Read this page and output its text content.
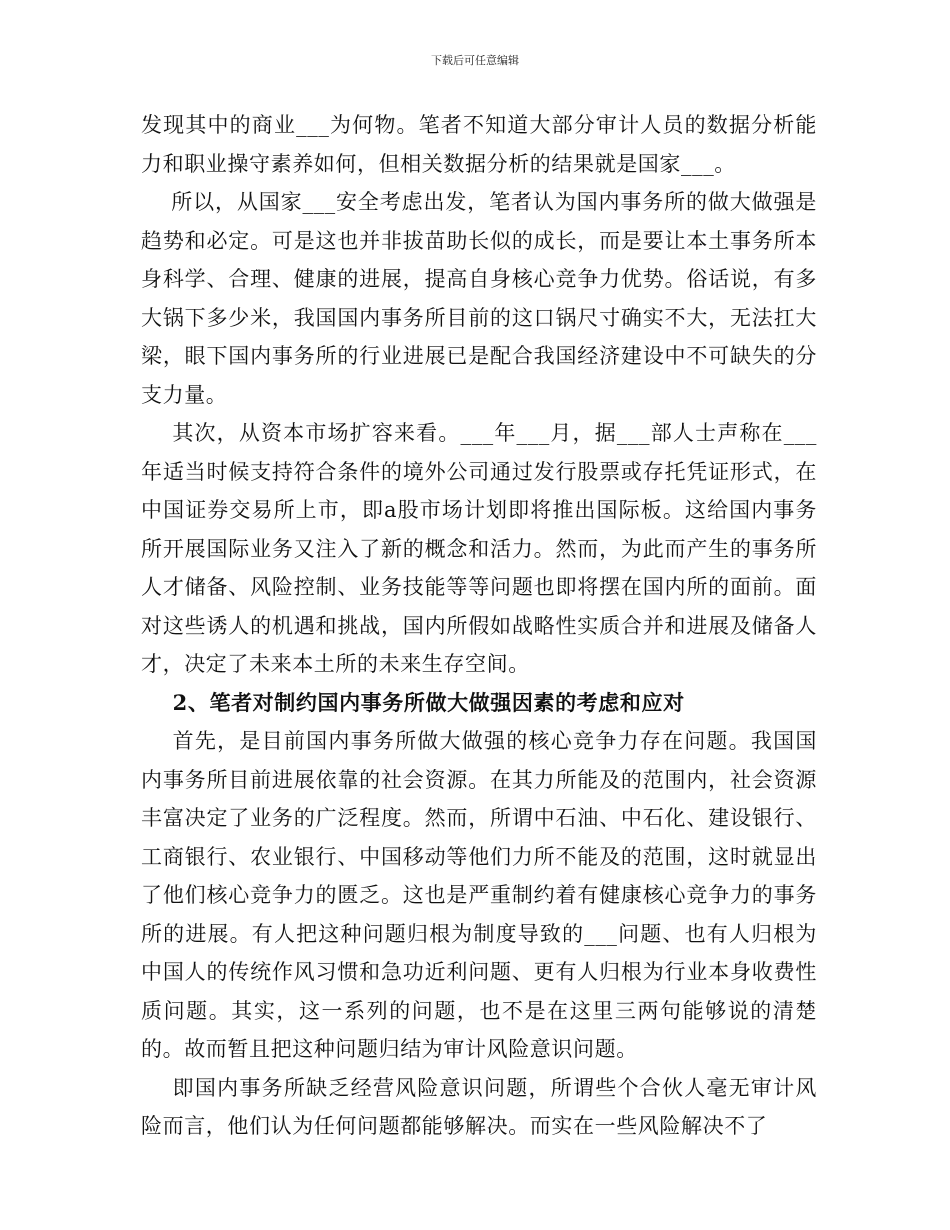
下载后可任意编辑

发现其中的商业___为何物。笔者不知道大部分审计人员的数据分析能力和职业操守素养如何，但相关数据分析的结果就是国家___。

所以，从国家___安全考虑出发，笔者认为国内事务所的做大做强是趋势和必定。可是这也并非拔苗助长似的成长，而是要让本土事务所本身科学、合理、健康的进展，提高自身核心竞争力优势。俗话说，有多大锅下多少米，我国国内事务所目前的这口锅尺寸确实不大，无法扛大梁，眼下国内事务所的行业进展已是配合我国经济建设中不可缺失的分支力量。

其次，从资本市场扩容来看。___年___月，据___部人士声称在___年适当时候支持符合条件的境外公司通过发行股票或存托凭证形式，在中国证券交易所上市，即a股市场计划即将推出国际板。这给国内事务所开展国际业务又注入了新的概念和活力。然而，为此而产生的事务所人才储备、风险控制、业务技能等等问题也即将摆在国内所的面前。面对这些诱人的机遇和挑战，国内所假如战略性实质合并和进展及储备人才，决定了未来本土所的未来生存空间。

2、笔者对制约国内事务所做大做强因素的考虑和应对

首先，是目前国内事务所做大做强的核心竞争力存在问题。我国国内事务所目前进展依靠的社会资源。在其力所能及的范围内，社会资源丰富决定了业务的广泛程度。然而，所谓中石油、中石化、建设银行、工商银行、农业银行、中国移动等他们力所不能及的范围，这时就显出了他们核心竞争力的匮乏。这也是严重制约着有健康核心竞争力的事务所的进展。有人把这种问题归根为制度导致的___问题、也有人归根为中国人的传统作风习惯和急功近利问题、更有人归根为行业本身收费性质问题。其实，这一系列的问题，也不是在这里三两句能够说的清楚的。故而暂且把这种问题归结为审计风险意识问题。

即国内事务所缺乏经营风险意识问题，所谓些个合伙人毫无审计风险而言，他们认为任何问题都能够解决。而实在一些风险解决不了
